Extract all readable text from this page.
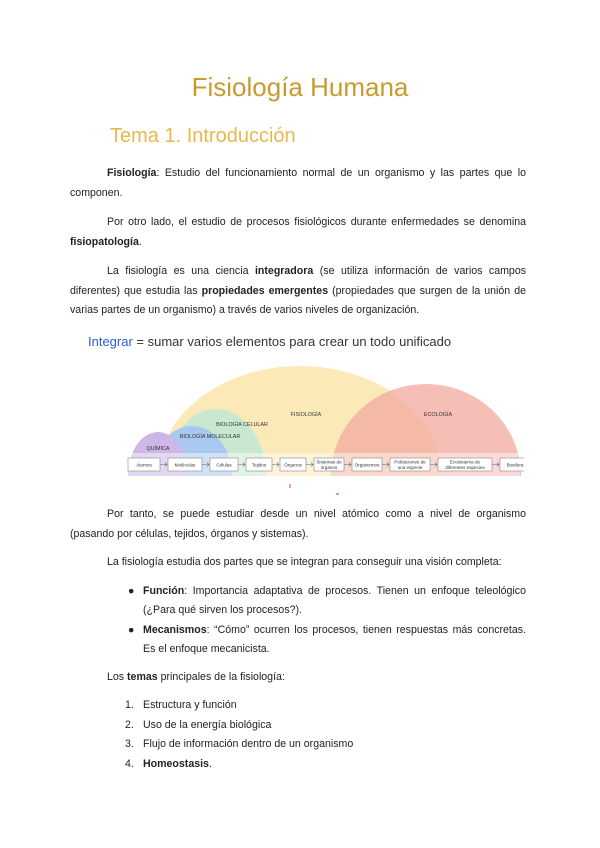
Fisiología Humana
Tema 1. Introducción
Fisiología: Estudio del funcionamiento normal de un organismo y las partes que lo componen.
Por otro lado, el estudio de procesos fisiológicos durante enfermedades se denomina fisiopatología.
La fisiología es una ciencia integradora (se utiliza información de varios campos diferentes) que estudia las propiedades emergentes (propiedades que surgen de la unión de varias partes de un organismo) a través de varios niveles de organización.
Integrar = sumar varios elementos para crear un todo unificado
QUÍMICA
BIOLOGÍA MOLECULAR
BIOLOGÍA CELULAR
FISIOLOGÍA	ECOLOGÍA
Átomos	Moléculas	Células	Tejidos	Órganos
Sistemas de
órganos	Organismos
Poblaciones de
una especie
Ecosistema de
diferentes especies	Biosfera
Por tanto, se puede estudiar desde un nivel atómico como a nivel de organismo (pasando por células, tejidos, órganos y sistemas).
La fisiología estudia dos partes que se integran para conseguir una visión completa:
● Función: Importancia adaptativa de procesos. Tienen un enfoque teleológico (¿Para qué sirven los procesos?).
● Mecanismos: “Cómo” ocurren los procesos, tienen respuestas más concretas. Es el enfoque mecanicista.
Los temas principales de la fisiología:
1. Estructura y función
2. Uso de la energía biológica
3. Flujo de información dentro de un organismo
4. Homeostasis.
